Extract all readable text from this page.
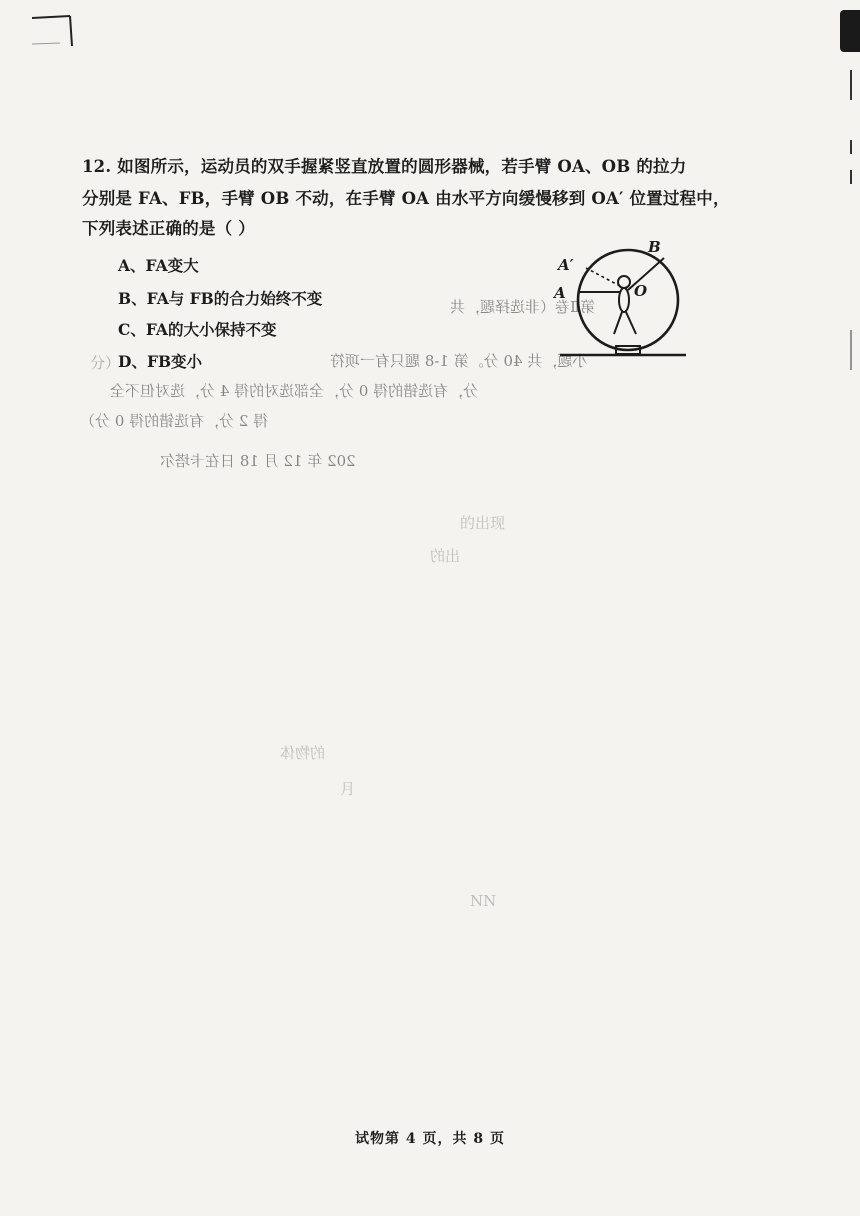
第Ⅱ卷（非选择题，共
分）	小题，共 40 分。第 1-8 题只有一项符
分，有选错的得 0 分，全部选对的得 4 分，选对但不全
得 2 分，有选错的得 0 分）
202 年 12 月 18 日在卡塔尔
的出现
出的
的物体
月
NN
12. 如图所示，运动员的双手握紧竖直放置的圆形器械，若手臂 OA、OB 的拉力
分别是 FA、FB，手臂 OB 不动，在手臂 OA 由水平方向缓慢移到 OA′ 位置过程中，
下列表述正确的是（ ）
A、FA变大
B、FA与 FB的合力始终不变
C、FA的大小保持不变
D、FB变小
A′
A
B
O
试物第 4 页，共 8 页
